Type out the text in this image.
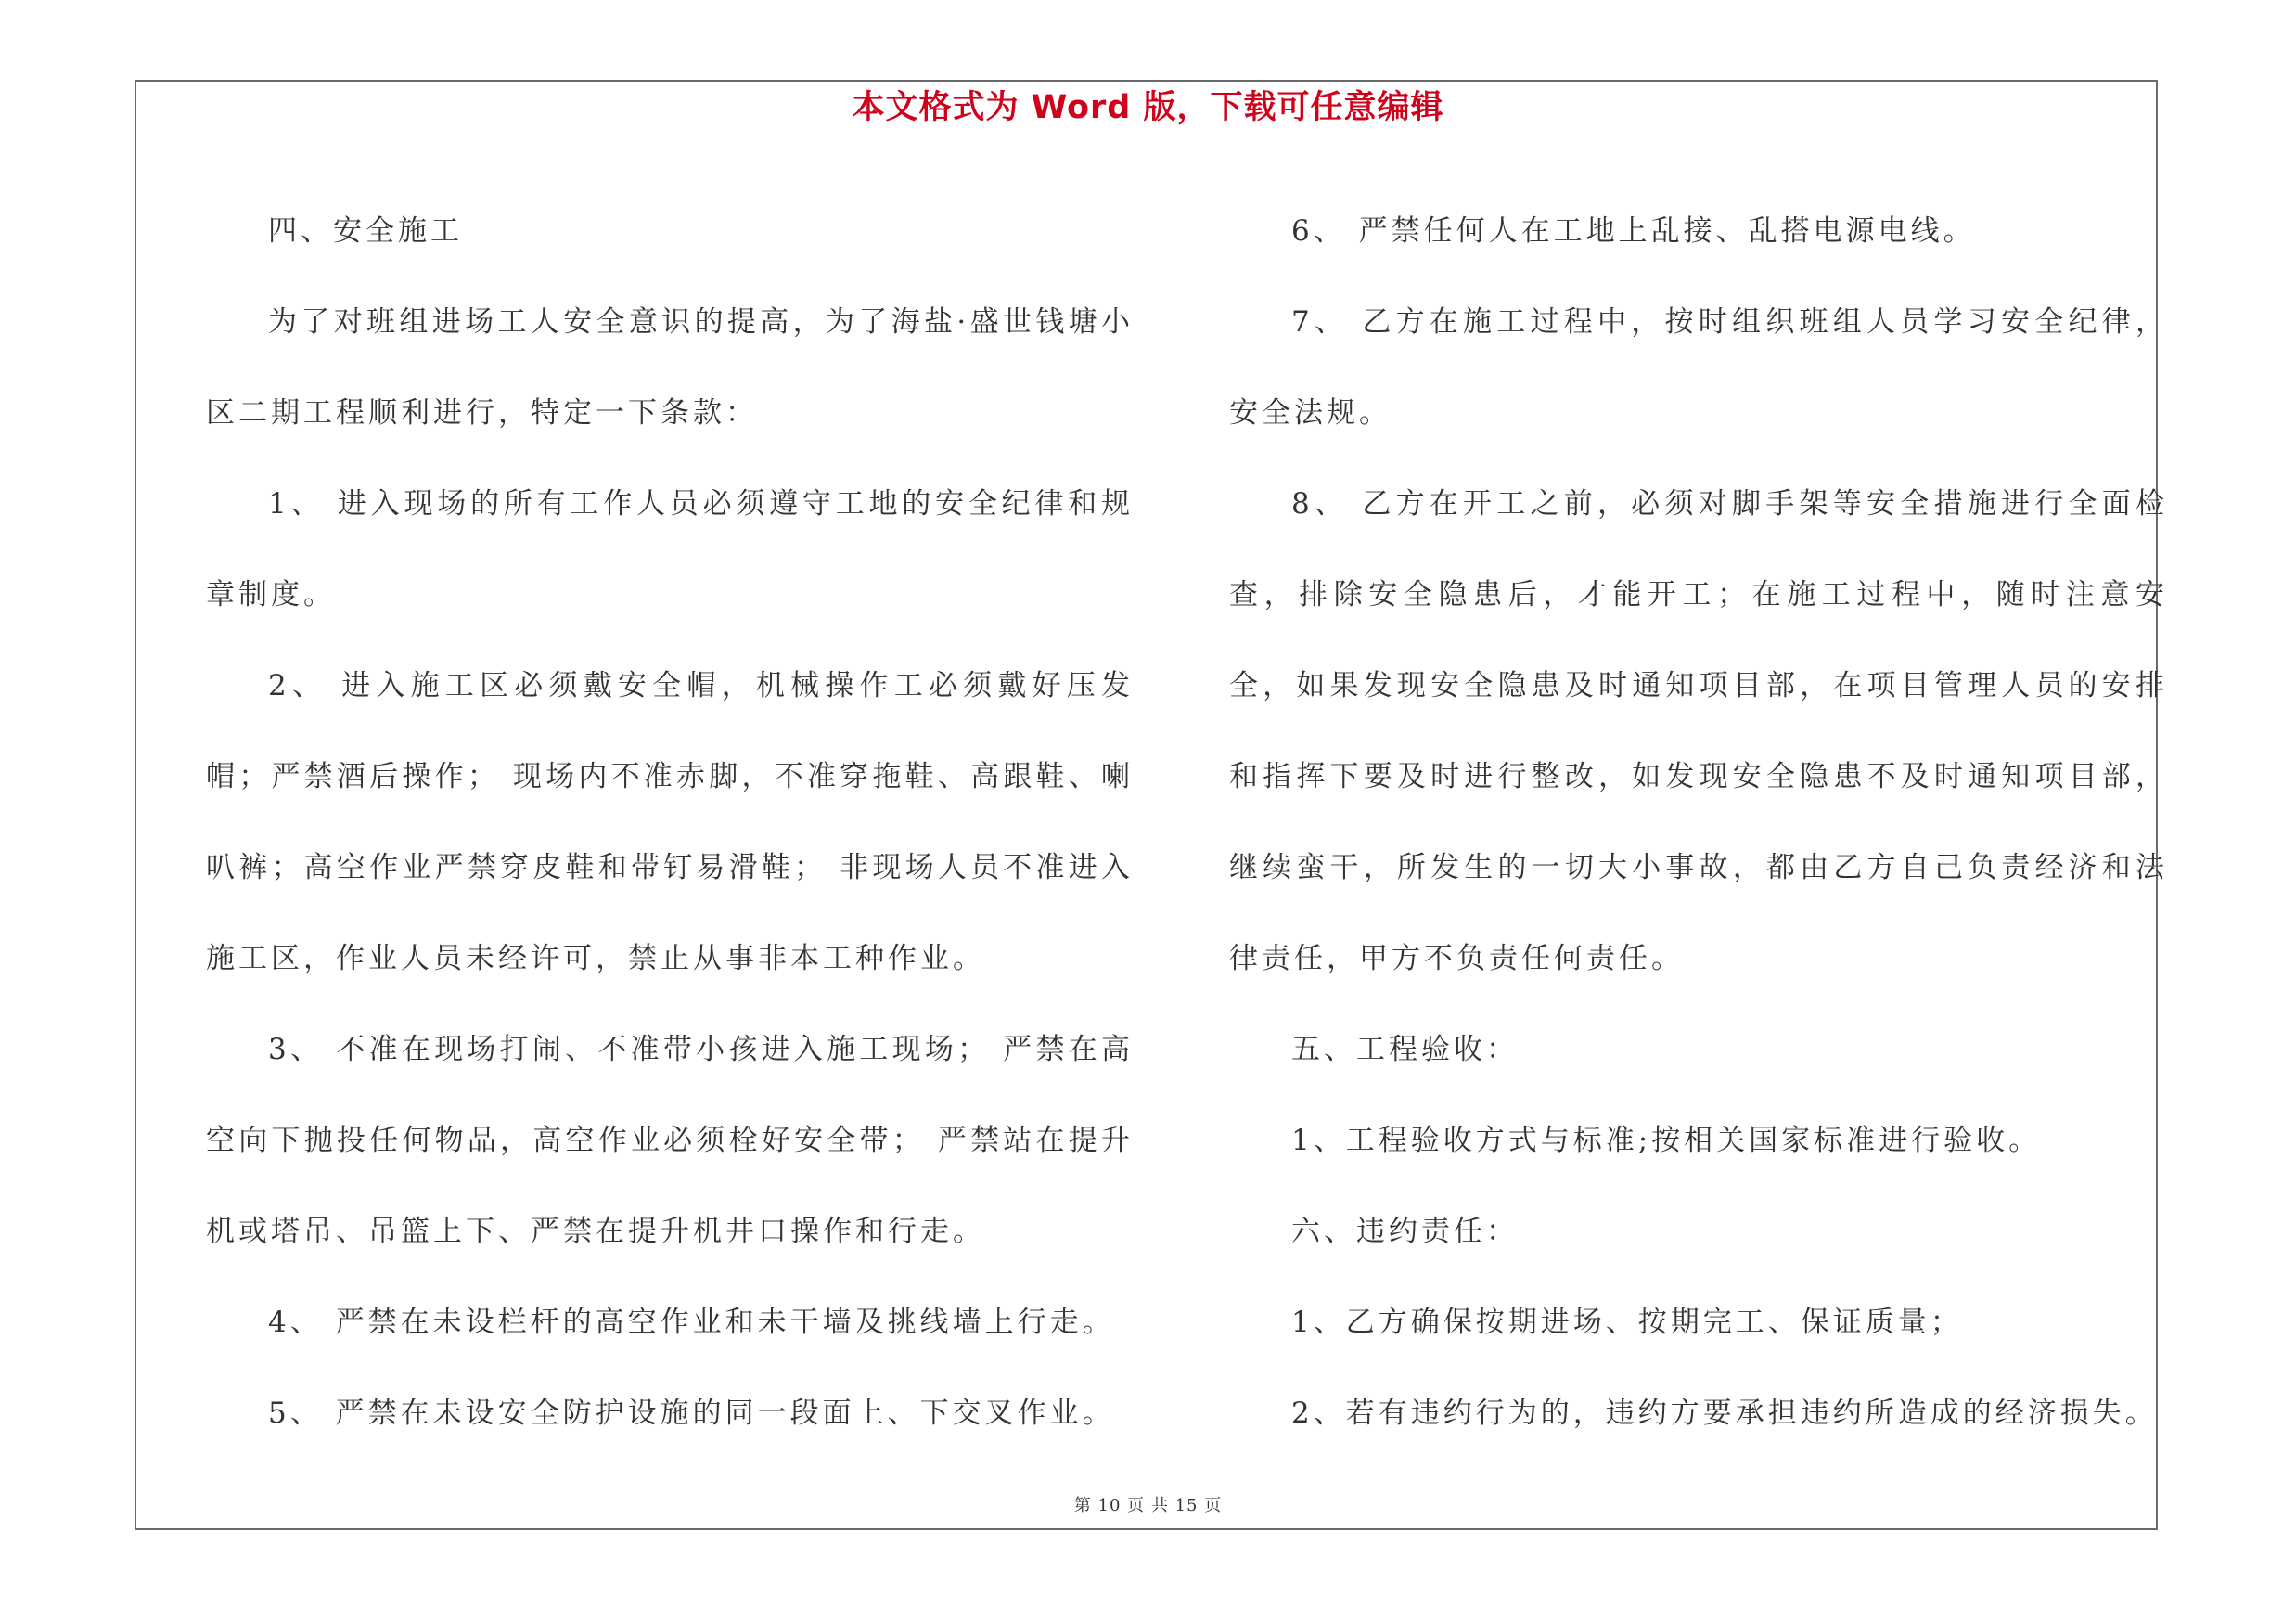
本文格式为 Word 版，下载可任意编辑

四、安全施工

为了对班组进场工人安全意识的提高，为了海盐·盛世钱塘小区二期工程顺利进行，特定一下条款：

1、 进入现场的所有工作人员必须遵守工地的安全纪律和规章制度。

2、 进入施工区必须戴安全帽，机械操作工必须戴好压发帽；严禁酒后操作； 现场内不准赤脚，不准穿拖鞋、高跟鞋、喇叭裤；高空作业严禁穿皮鞋和带钉易滑鞋； 非现场人员不准进入施工区，作业人员未经许可，禁止从事非本工种作业。

3、 不准在现场打闹、不准带小孩进入施工现场； 严禁在高空向下抛投任何物品，高空作业必须栓好安全带； 严禁站在提升机或塔吊、吊篮上下、严禁在提升机井口操作和行走。

4、 严禁在未设栏杆的高空作业和未干墙及挑线墙上行走。

5、 严禁在未设安全防护设施的同一段面上、下交叉作业。

6、 严禁任何人在工地上乱接、乱搭电源电线。

7、 乙方在施工过程中，按时组织班组人员学习安全纪律，安全法规。

8、 乙方在开工之前，必须对脚手架等安全措施进行全面检查，排除安全隐患后，才能开工；在施工过程中，随时注意安全，如果发现安全隐患及时通知项目部，在项目管理人员的安排和指挥下要及时进行整改，如发现安全隐患不及时通知项目部，继续蛮干，所发生的一切大小事故，都由乙方自己负责经济和法律责任，甲方不负责任何责任。

五、工程验收：

1、工程验收方式与标准;按相关国家标准进行验收。

六、违约责任：

1、乙方确保按期进场、按期完工、保证质量；

2、若有违约行为的，违约方要承担违约所造成的经济损失。

第 10 页 共 15 页
